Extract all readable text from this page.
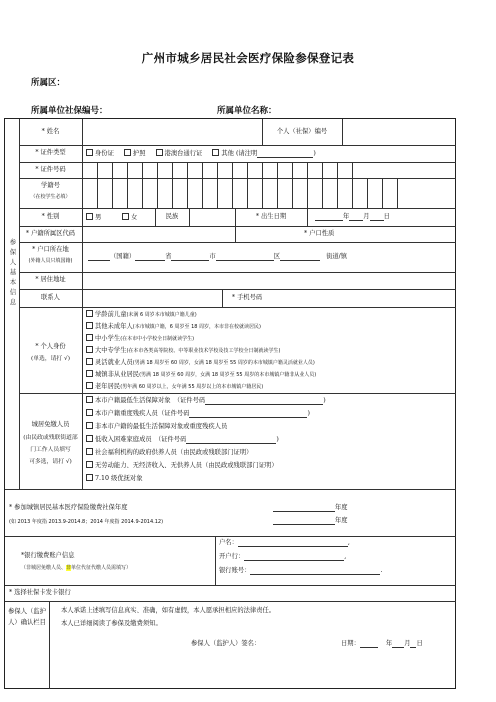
广州市城乡居民社会医疗保险参保登记表
所属区：
所属单位社保编号：	所属单位名称：
参保人基本信息
* 姓名	个人（社保）编号
* 证件类型	身份证	护照	港澳台通行证	其他 (请注明	)
* 证件号码
学籍号
（在校学生必填）
* 性别	男	女	民族	* 出生日期	年 月 日
* 户籍所属区代码	* 户口性质
* 户口所在地
(外籍人员只填国籍)
（国籍）	省	市	区	街道/镇
* 居住地址
联系人	* 手机号码
* 个人身份
(单选，请打 √)
学龄前儿童(未满 6 周岁本市城镇户籍儿童)
其他未成年人(本市城镇户籍，6 周岁至 18 周岁，本市非在校就读居民)
中小学生(在本市中小学校全日制就读学生)
大中专学生(在本市各类高等院校、中等职业技术学校及技工学校全日制就读学生)
灵活就业人员(男满 18 周岁至 60 周岁，女满 18 周岁至 55 周岁的本市城镇户籍灵活就业人员)
城镇非从业居民(男满 18 周岁至 60 周岁，女满 18 周岁至 55 周岁的本市城镇户籍非从业人员)
老年居民(男年满 60 周岁以上，女年满 55 周岁以上的本市城镇户籍居民)
城居免缴人员
(由民政或残联街道部
门工作人员填写
可多选，请打 √)
本市户籍最低生活保障对象　（证件号码	)
本市户籍重度残疾人员（证件号码	)
非本市户籍的最低生活保障对象或重度残疾人员
低收入困难家庭成员　（证件号码	)
社会福利机构的政府供养人员（由民政或残联部门证明）
无劳动能力、无经济收入、无供养人员（由民政或残联部门证明）
7.10 级优抚对象
* 参加城镇居民基本医疗保险缴费社保年度
(如 2013 年度指 2013.9-2014.8；2014 年度指 2014.9-2014.12)
年度
年度
*银行缴费账户信息
（非城居免缴人员、非单位代征代缴人员需填写）
户名：	,
开户行：	,
银行账号：	.
* 选择社保卡发卡银行
参保人（监护人）确认栏目
本人承诺上述填写信息真实、准确，如有虚假，本人愿承担相应的法律责任。
本人已详细阅读了参保及缴费须知。
参保人（监护人）签名：	日期：	年 月 日
